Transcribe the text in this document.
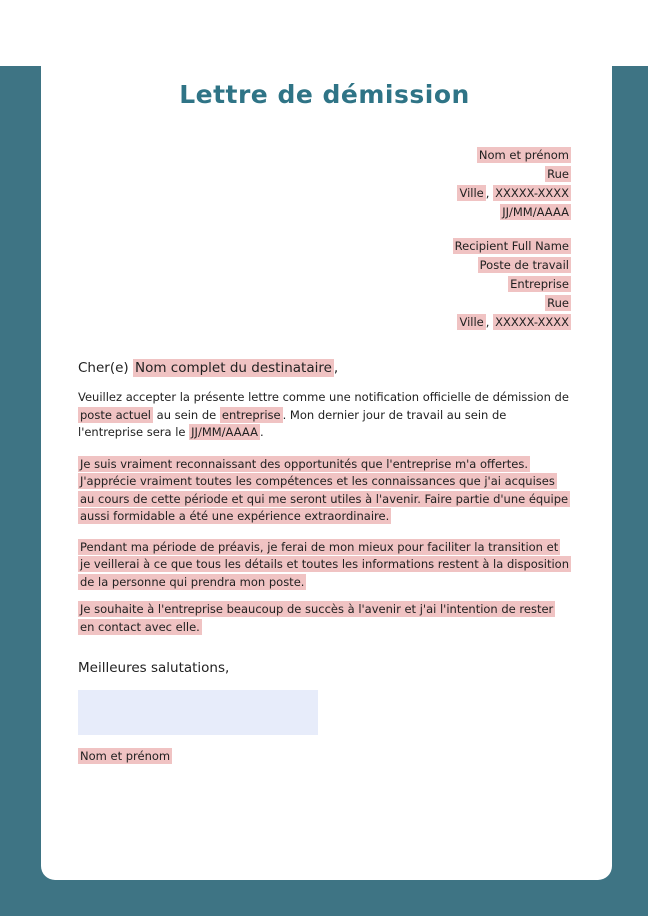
Lettre de démission
Nom et prénom
Rue
Ville , XXXXX-XXXX
JJ/MM/AAAA
Recipient Full Name
Poste de travail
Entreprise
Rue
Ville , XXXXX-XXXX

Cher(e) Nom complet du destinataire ,

Veuillez accepter la présente lettre comme une notification officielle de démission de poste actuel au sein de entreprise . Mon dernier jour de travail au sein de l'entreprise sera le JJ/MM/AAAA .

Je suis vraiment reconnaissant des opportunités que l'entreprise m'a offertes. J'apprécie vraiment toutes les compétences et les connaissances que j'ai acquises au cours de cette période et qui me seront utiles à l'avenir. Faire partie d'une équipe aussi formidable a été une expérience extraordinaire.

Pendant ma période de préavis, je ferai de mon mieux pour faciliter la transition et je veillerai à ce que tous les détails et toutes les informations restent à la disposition de la personne qui prendra mon poste.

Je souhaite à l'entreprise beaucoup de succès à l'avenir et j'ai l'intention de rester en contact avec elle.

Meilleures salutations,

Nom et prénom
